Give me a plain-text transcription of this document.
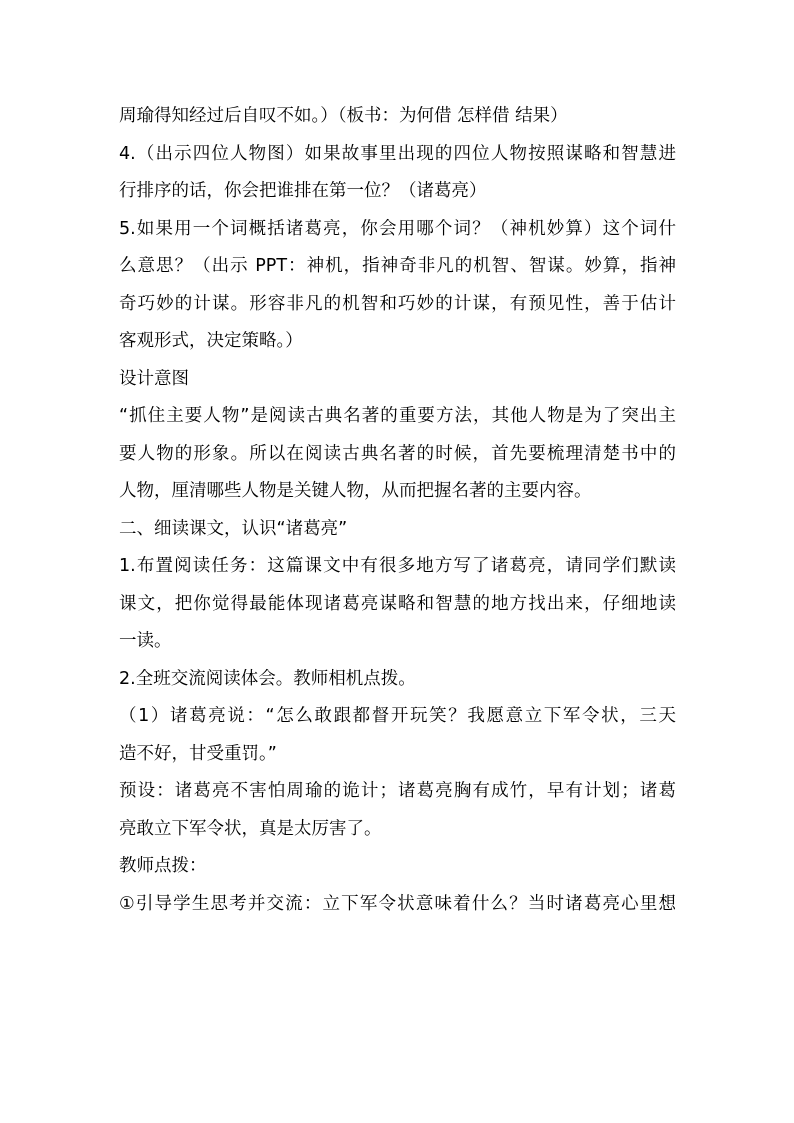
周瑜得知经过后自叹不如。）（板书：为何借 怎样借 结果）
4.（出示四位人物图）如果故事里出现的四位人物按照谋略和智慧进
行排序的话，你会把谁排在第一位？（诸葛亮）
5.如果用一个词概括诸葛亮，你会用哪个词？（神机妙算）这个词什
么意思？（出示 PPT：神机，指神奇非凡的机智、智谋。妙算，指神
奇巧妙的计谋。形容非凡的机智和巧妙的计谋，有预见性，善于估计
客观形式，决定策略。）
设计意图
“抓住主要人物”是阅读古典名著的重要方法，其他人物是为了突出主
要人物的形象。所以在阅读古典名著的时候，首先要梳理清楚书中的
人物，厘清哪些人物是关键人物，从而把握名著的主要内容。
二、细读课文，认识“诸葛亮”
1.布置阅读任务：这篇课文中有很多地方写了诸葛亮，请同学们默读
课文，把你觉得最能体现诸葛亮谋略和智慧的地方找出来，仔细地读
一读。
2.全班交流阅读体会。教师相机点拨。
（1）诸葛亮说：“怎么敢跟都督开玩笑？我愿意立下军令状，三天
造不好，甘受重罚。”
预设：诸葛亮不害怕周瑜的诡计；诸葛亮胸有成竹，早有计划；诸葛
亮敢立下军令状，真是太厉害了。
教师点拨：
①引导学生思考并交流：立下军令状意味着什么？当时诸葛亮心里想
